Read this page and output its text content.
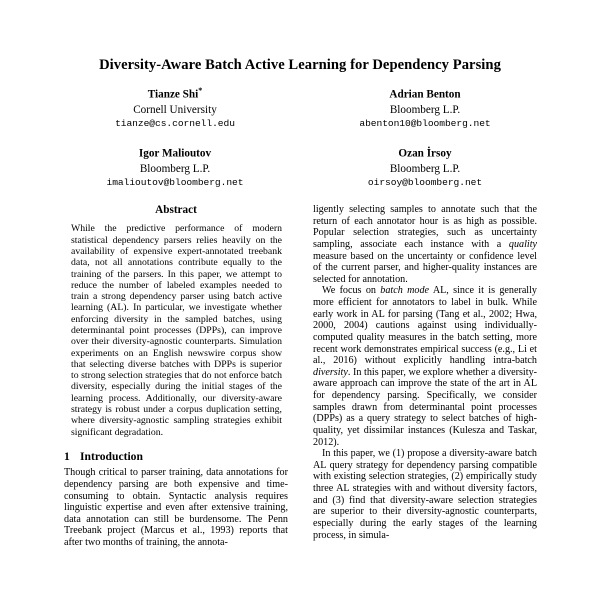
Diversity-Aware Batch Active Learning for Dependency Parsing
Tianze Shi*
Cornell University
tianze@cs.cornell.edu
Adrian Benton
Bloomberg L.P.
abenton10@bloomberg.net
Igor Malioutov
Bloomberg L.P.
imalioutov@bloomberg.net
Ozan İrsoy
Bloomberg L.P.
oirsoy@bloomberg.net
Abstract
While the predictive performance of modern statistical dependency parsers relies heavily on the availability of expensive expert-annotated treebank data, not all annotations contribute equally to the training of the parsers. In this paper, we attempt to reduce the number of labeled examples needed to train a strong dependency parser using batch active learning (AL). In particular, we investigate whether enforcing diversity in the sampled batches, using determinantal point processes (DPPs), can improve over their diversity-agnostic counterparts. Simulation experiments on an English newswire corpus show that selecting diverse batches with DPPs is superior to strong selection strategies that do not enforce batch diversity, especially during the initial stages of the learning process. Additionally, our diversity-aware strategy is robust under a corpus duplication setting, where diversity-agnostic sampling strategies exhibit significant degradation.
1 Introduction

Though critical to parser training, data annotations for dependency parsing are both expensive and time-consuming to obtain. Syntactic analysis requires linguistic expertise and even after extensive training, data annotation can still be burdensome. The Penn Treebank project (Marcus et al., 1993) reports that after two months of training, the annota-

ligently selecting samples to annotate such that the return of each annotator hour is as high as possible. Popular selection strategies, such as uncertainty sampling, associate each instance with a quality measure based on the uncertainty or confidence level of the current parser, and higher-quality instances are selected for annotation.

We focus on batch mode AL, since it is generally more efficient for annotators to label in bulk. While early work in AL for parsing (Tang et al., 2002; Hwa, 2000, 2004) cautions against using individually-computed quality measures in the batch setting, more recent work demonstrates empirical success (e.g., Li et al., 2016) without explicitly handling intra-batch diversity. In this paper, we explore whether a diversity-aware approach can improve the state of the art in AL for dependency parsing. Specifically, we consider samples drawn from determinantal point processes (DPPs) as a query strategy to select batches of high-quality, yet dissimilar instances (Kulesza and Taskar, 2012).

In this paper, we (1) propose a diversity-aware batch AL query strategy for dependency parsing compatible with existing selection strategies, (2) empirically study three AL strategies with and without diversity factors, and (3) find that diversity-aware selection strategies are superior to their diversity-agnostic counterparts, especially during the early stages of the learning process, in simula-
